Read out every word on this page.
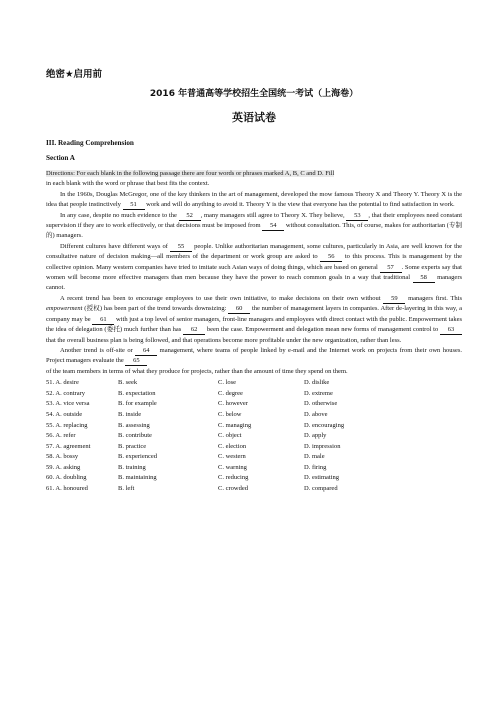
绝密★启用前
2016 年普通高等学校招生全国统一考试（上海卷）
英语试卷
III. Reading Comprehension
Section A

Directions: For each blank in the following passage there are four words or phrases marked A, B, C and D. Fill
in each blank with the word or phrase that best fits the context.

In the 1960s, Douglas McGregor, one of the key thinkers in the art of management, developed the mow famous Theory X and Theory Y. Theory X is the idea that people instinctively 51 work and will do anything to avoid it. Theory Y is the view that everyone has the potential to find satisfaction in work.

In any case, despite no much evidence to the 52 , many managers still agree to Theory X. They believe, 53 , that their employees need constant supervision if they are to work effectively, or that decisions must be imposed from 54 without consultation. This, of course, makes for authoritarian (专制的) managers.

Different cultures have different ways of 55 people. Unlike authoritarian management, some cultures, particularly in Asia, are well known for the consultative nature of decision making—all members of the department or work group are asked to 56 to this process. This is management by the collective opinion. Many western companies have tried to imitate such Asian ways of doing things, which are based on general 57 . Some experts say that women will become more effective managers than men because they have the power to reach common goals in a way that traditional 58 managers cannot.

A recent trend has been to encourage employees to use their own initiative, to make decisions on their own without 59 managers first. This empowerment (授权) has been part of the trend towards downsizing: 60 the number of management layers in companies. After de-layering in this way, a company may be 61 with just a top level of senior managers, front-line managers and employees with direct contact with the public. Empowerment takes the idea of delegation (委托) much further than has 62 been the case. Empowerment and delegation mean new forms of management control to 63 that the overall business plan is being followed, and that operations become more profitable under the new organization, rather than less.

Another trend is off-site or 64 management, where teams of people linked by e-mail and the Internet work on projects from their own houses. Project managers evaluate the 65
of the team members in terms of what they produce for projects, rather than the amount of time they spend on them.

51. A. desire	B. seek	C. lose	D. dislike
52. A. contrary	B. expectation	C. degree	D. extreme
53. A. vice versa	B. for example	C. however	D. otherwise
54. A. outside	B. inside	C. below	D. above
55. A. replacing	B. assessing	C. managing	D. encouraging
56. A. refer	B. contribute	C. object	D. apply
57. A. agreement	B. practice	C. election	D. impression
58. A. bossy	B. experienced	C. western	D. male
59. A. asking	B. training	C. warning	D. firing
60. A. doubling	B. maintaining	C. reducing	D. estimating
61. A. honoured	B. left	C. crowded	D. compared
